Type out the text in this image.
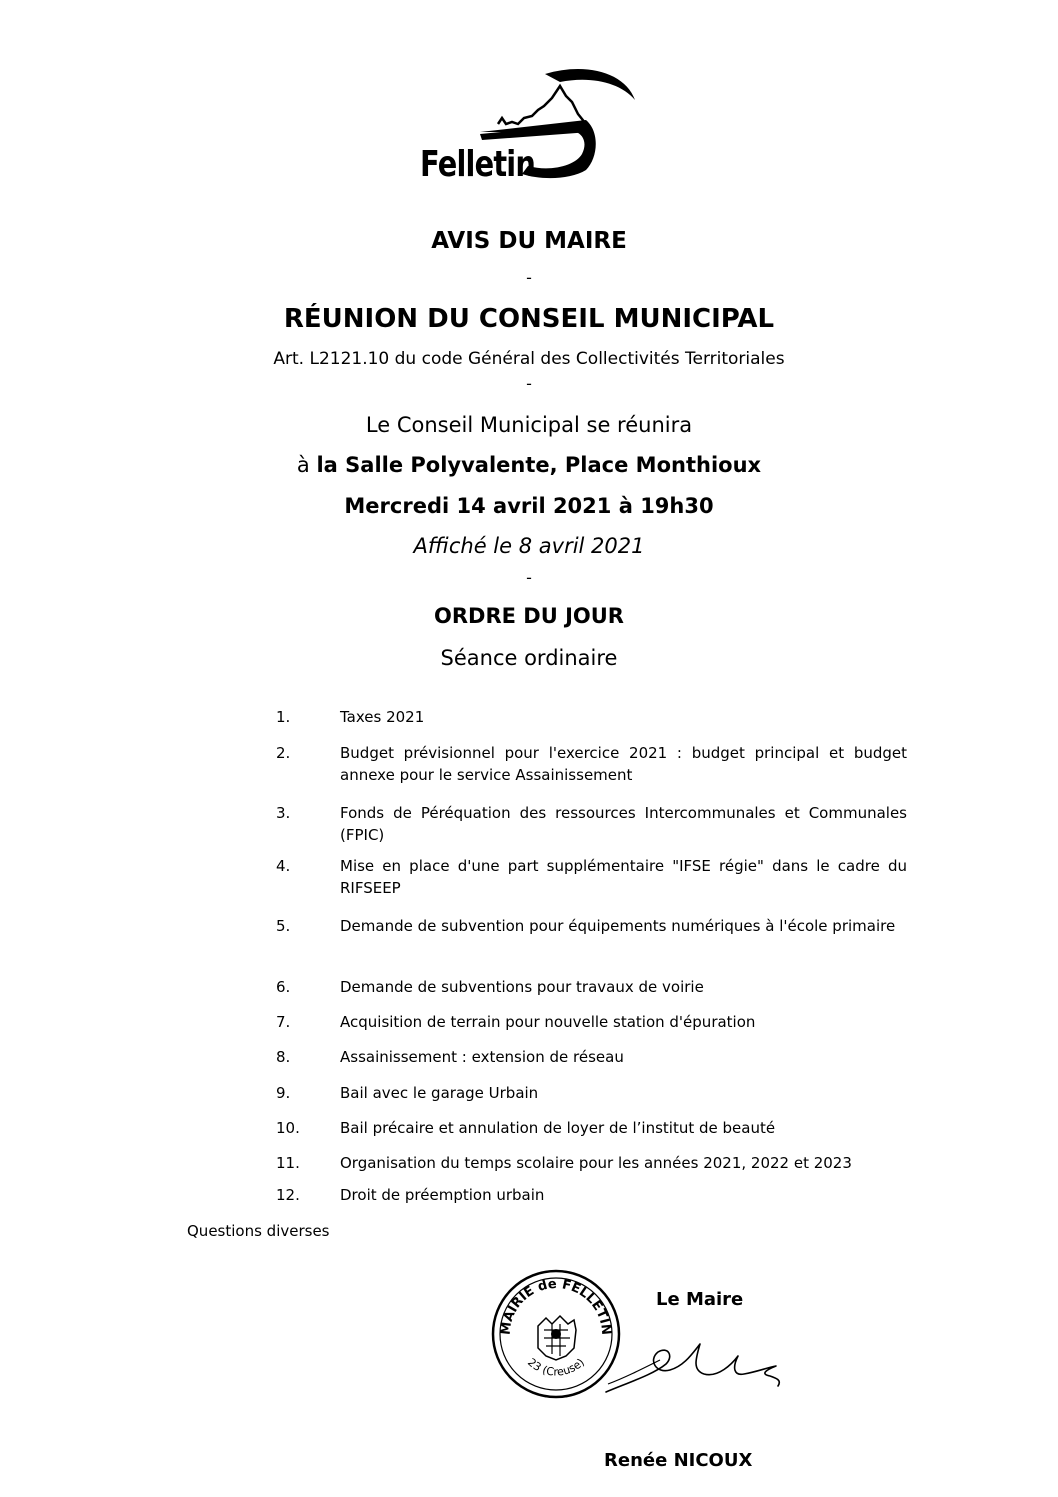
Felletin
AVIS DU MAIRE
-
RÉUNION DU CONSEIL MUNICIPAL
Art. L2121.10 du code Général des Collectivités Territoriales
-
Le Conseil Municipal se réunira
à la Salle Polyvalente, Place Monthioux
Mercredi 14 avril 2021 à 19h30
Affiché le 8 avril 2021
-
ORDRE DU JOUR
Séance ordinaire
1.	Taxes 2021
2.	Budget prévisionnel pour l'exercice 2021 : budget principal et budget annexe pour le service Assainissement
3.	Fonds de Péréquation des ressources Intercommunales et Communales (FPIC)
4.	Mise en place d'une part supplémentaire "IFSE régie" dans le cadre du RIFSEEP
5.	Demande de subvention pour équipements numériques à l'école primaire
6.	Demande de subventions pour travaux de voirie
7.	Acquisition de terrain pour nouvelle station d'épuration
8.	Assainissement : extension de réseau
9.	Bail avec le garage Urbain
10.	Bail précaire et annulation de loyer de l’institut de beauté
11.	Organisation du temps scolaire pour les années 2021, 2022 et 2023
12.	Droit de préemption urbain
Questions diverses
MAIRIE de FELLETIN
23 (Creuse)
Le Maire
Renée NICOUX
